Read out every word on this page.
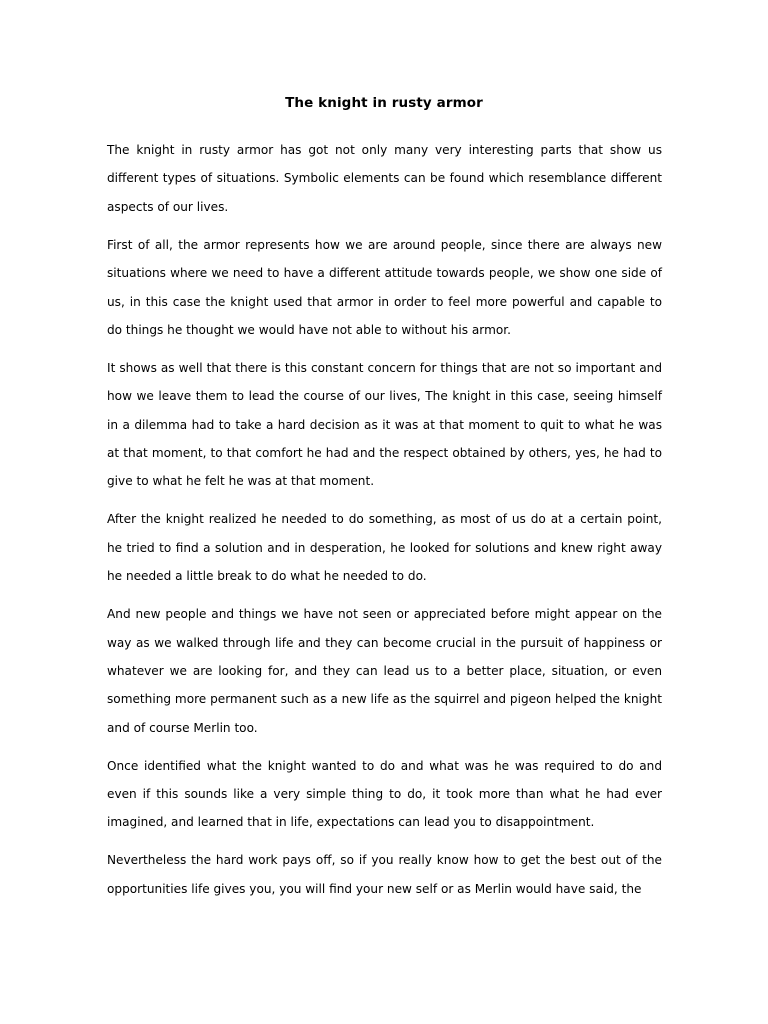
The knight in rusty armor

The knight in rusty armor has got not only many very interesting parts that show us different types of situations. Symbolic elements can be found which resemblance different aspects of our lives.

First of all, the armor represents how we are around people, since there are always new situations where we need to have a different attitude towards people, we show one side of us, in this case the knight used that armor in order to feel more powerful and capable to do things he thought we would have not able to without his armor.

It shows as well that there is this constant concern for things that are not so important and how we leave them to lead the course of our lives, The knight in this case, seeing himself in a dilemma had to take a hard decision as it was at that moment to quit to what he was at that moment, to that comfort he had and the respect obtained by others, yes, he had to give to what he felt he was at that moment.

After the knight realized he needed to do something, as most of us do at a certain point, he tried to find a solution and in desperation, he looked for solutions and knew right away he needed a little break to do what he needed to do.

And new people and things we have not seen or appreciated before might appear on the way as we walked through life and they can become crucial in the pursuit of happiness or whatever we are looking for, and they can lead us to a better place, situation, or even something more permanent such as a new life as the squirrel and pigeon helped the knight and of course Merlin too.

Once identified what the knight wanted to do and what was he was required to do and even if this sounds like a very simple thing to do, it took more than what he had ever imagined, and learned that in life, expectations can lead you to disappointment.

Nevertheless the hard work pays off, so if you really know how to get the best out of the opportunities life gives you, you will find your new self or as Merlin would have said, the
